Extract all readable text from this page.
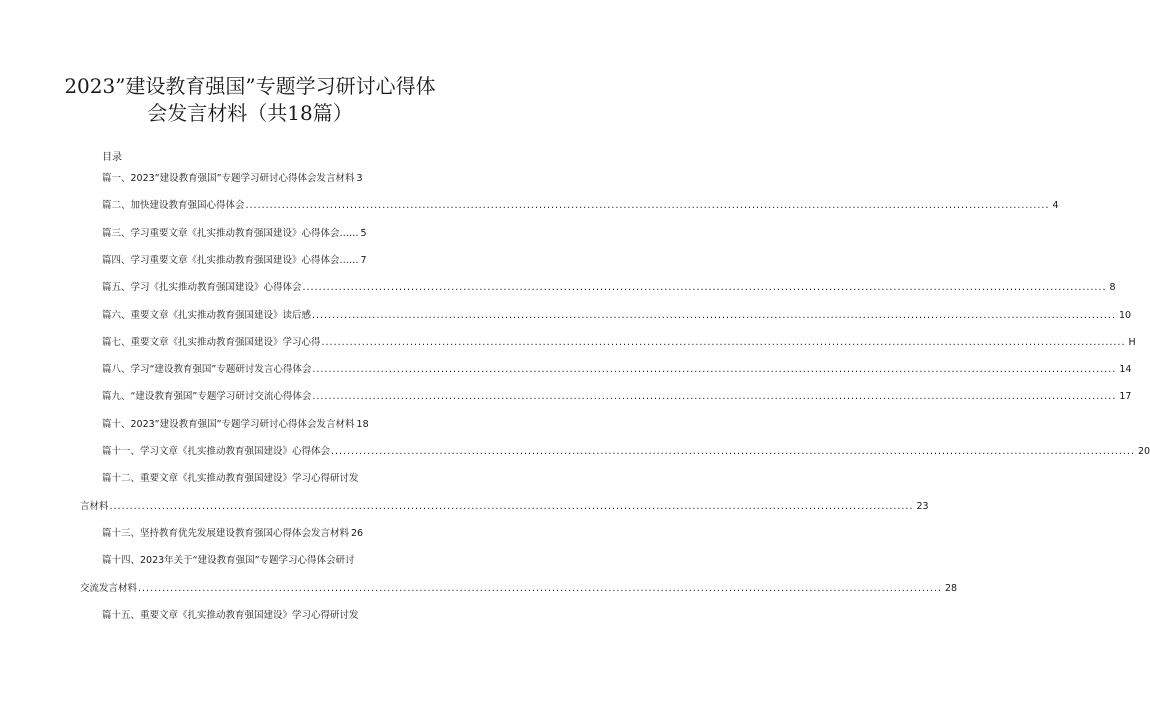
2023”建设教育强国”专题学习研讨心得体
会发言材料（共18篇）
目录
篇一、2023”建设教育强国”专题学习研讨心得体会发言材料 3
篇二、加快建设教育强国心得体会 ........................................................................................................................................................................................................ 4
篇三、学习重要文章《扎实推动教育强国建设》心得体会…… 5
篇四、学习重要文章《扎实推动教育强国建设》心得体会…… 7
篇五、学习《扎实推动教育强国建设》心得体会 ........................................................................................................................................................................................................ 8
篇六、重要文章《扎实推动教育强国建设》读后感 ........................................................................................................................................................................................................ 10
篇七、重要文章《扎实推动教育强国建设》学习心得 ........................................................................................................................................................................................................ H
篇八、学习“建设教育强国”专题研讨发言心得体会 ........................................................................................................................................................................................................ 14
篇九、“建设教育强国”专题学习研讨交流心得体会 ........................................................................................................................................................................................................ 17
篇十、2023”建设教育强国”专题学习研讨心得体会发言材料 18
篇十一、学习文章《扎实推动教育强国建设》心得体会 ........................................................................................................................................................................................................ 20
篇十二、重要文章《扎实推动教育强国建设》学习心得研讨发
言材料 ........................................................................................................................................................................................................ 23
篇十三、坚持教育优先发展建设教育强国心得体会发言材料 26
篇十四、2023年关于“建设教育强国”专题学习心得体会研讨
交流发言材料 ........................................................................................................................................................................................................ 28
篇十五、重要文章《扎实推动教育强国建设》学习心得研讨发
